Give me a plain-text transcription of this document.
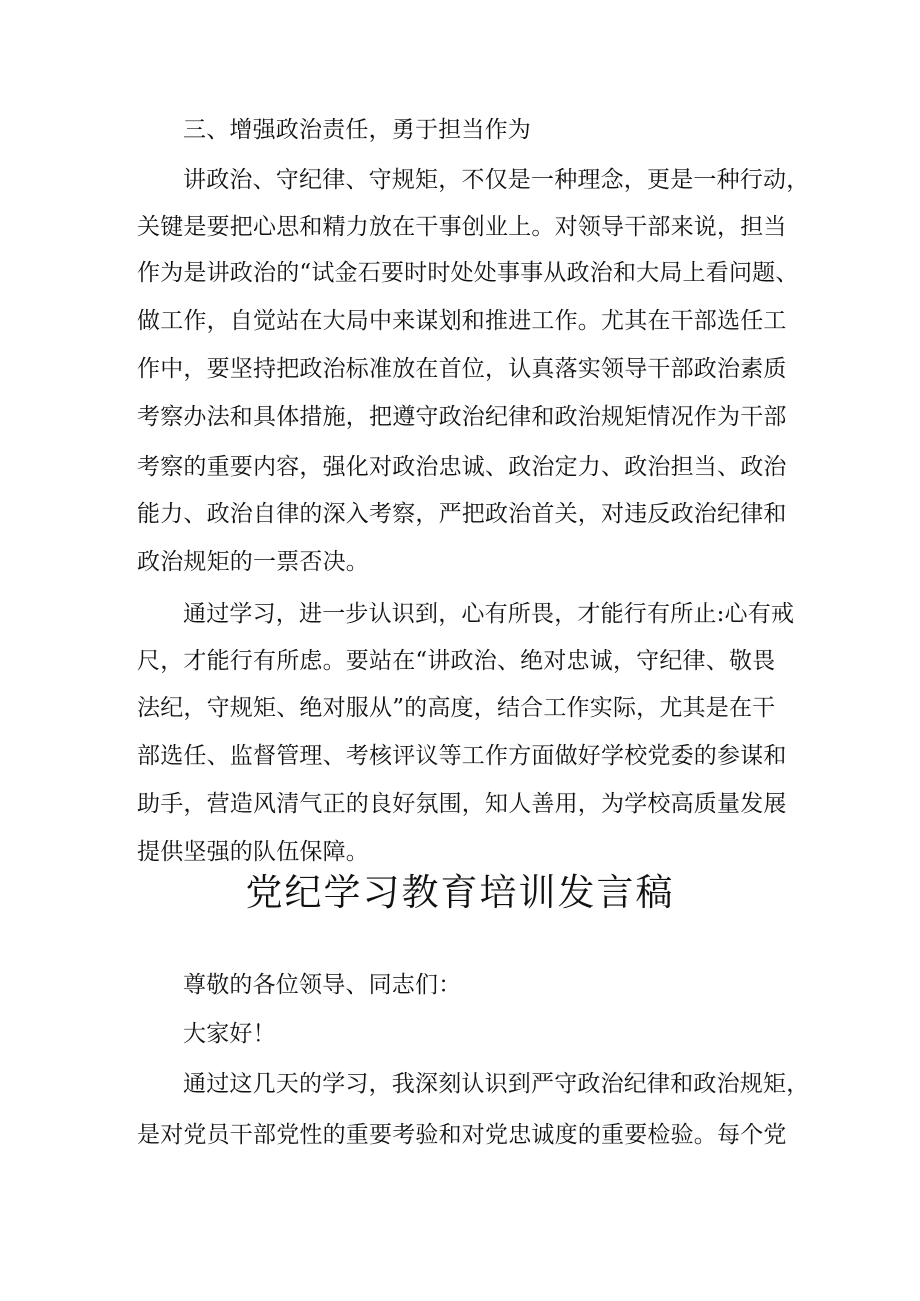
三、增强政治责任，勇于担当作为
讲政治、守纪律、守规矩，不仅是一种理念，更是一种行动，
关键是要把心思和精力放在干事创业上。对领导干部来说，担当
作为是讲政治的“试金石要时时处处事事从政治和大局上看问题、
做工作，自觉站在大局中来谋划和推进工作。尤其在干部选任工
作中，要坚持把政治标准放在首位，认真落实领导干部政治素质
考察办法和具体措施，把遵守政治纪律和政治规矩情况作为干部
考察的重要内容，强化对政治忠诚、政治定力、政治担当、政治
能力、政治自律的深入考察，严把政治首关，对违反政治纪律和
政治规矩的一票否决。
通过学习，进一步认识到，心有所畏，才能行有所止:心有戒
尺，才能行有所虑。要站在“讲政治、绝对忠诚，守纪律、敬畏
法纪，守规矩、绝对服从”的高度，结合工作实际，尤其是在干
部选任、监督管理、考核评议等工作方面做好学校党委的参谋和
助手，营造风清气正的良好氛围，知人善用，为学校高质量发展
提供坚强的队伍保障。
党纪学习教育培训发言稿
尊敬的各位领导、同志们：
大家好！
通过这几天的学习，我深刻认识到严守政治纪律和政治规矩，
是对党员干部党性的重要考验和对党忠诚度的重要检验。每个党
